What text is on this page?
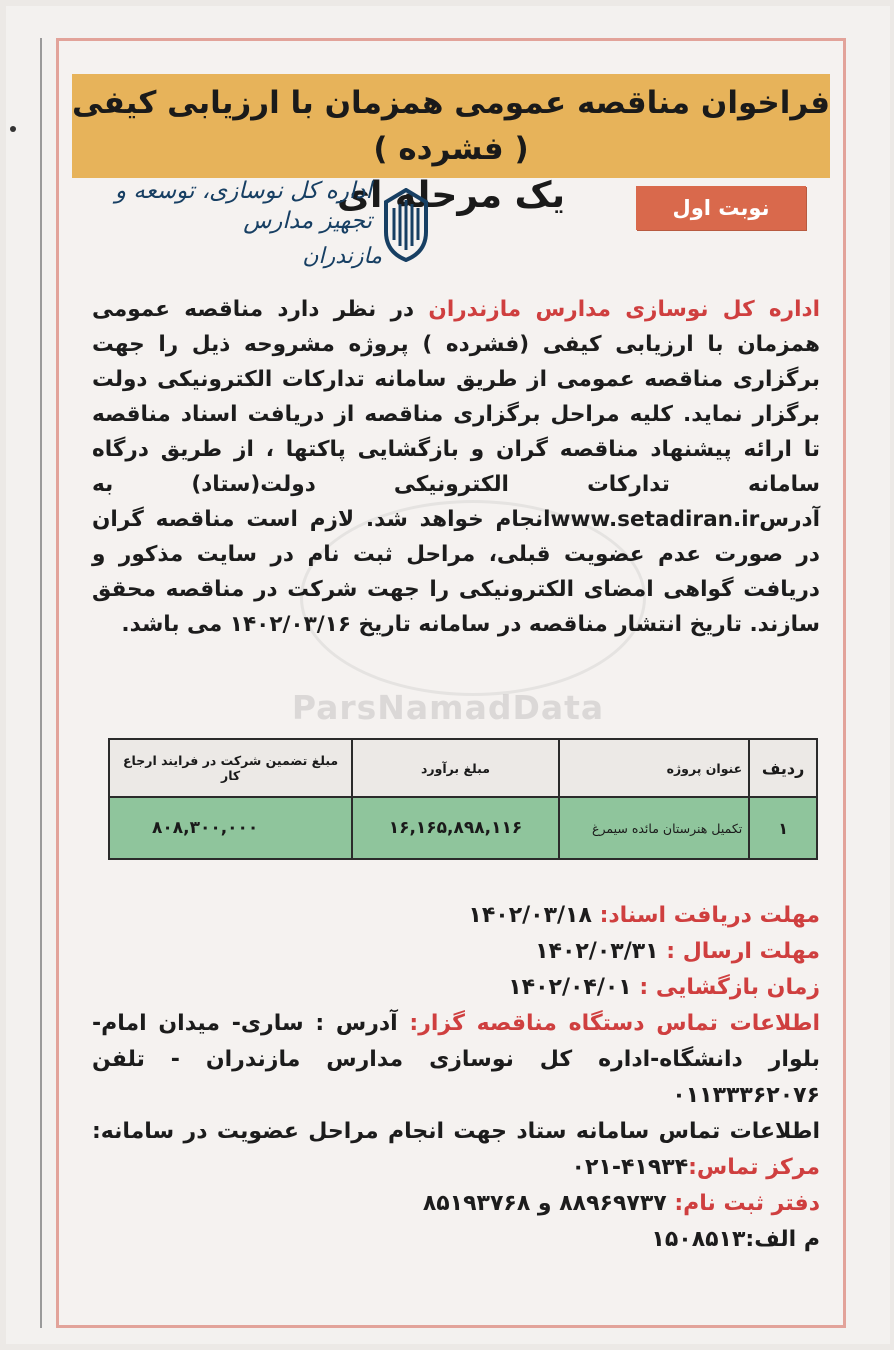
فراخوان مناقصه عمومی همزمان با ارزیابی کیفی ( فشرده )
یک مرحله ای	نوبت اول
اداره کل نوسازی، توسعه و تجهیز مدارس
مازندران
اداره کل نوسازی مدارس مازندران در نظر دارد مناقصه عمومی همزمان با ارزیابی کیفی (فشرده ) پروژه مشروحه ذیل را جهت برگزاری مناقصه عمومی از طریق سامانه تدارکات الکترونیکی دولت برگزار نماید. کلیه مراحل برگزاری مناقصه از دریافت اسناد مناقصه تا ارائه پیشنهاد مناقصه گران و بازگشایی پاکتها ، از طریق درگاه سامانه تدارکات الکترونیکی دولت(ستاد) به آدرسwww.setadiran.irانجام خواهد شد. لازم است مناقصه گران در صورت عدم عضویت قبلی، مراحل ثبت نام در سایت مذکور و دریافت گواهی امضای الکترونیکی را جهت شرکت در مناقصه محقق سازند. تاریخ انتشار مناقصه در سامانه تاریخ ۱۴۰۲/۰۳/۱۶ می باشد.
ParsNamadData
ردیف	عنوان پروژه	مبلغ برآورد	مبلغ تضمین شرکت در فرایند ارجاع کار
۱	تکمیل هنرستان مائده سیمرغ	۱۶,۱۶۵,۸۹۸,۱۱۶	۸۰۸,۳۰۰,۰۰۰

مهلت دریافت اسناد: ۱۴۰۲/۰۳/۱۸

مهلت ارسال : ۱۴۰۲/۰۳/۳۱

زمان بازگشایی : ۱۴۰۲/۰۴/۰۱

اطلاعات تماس دستگاه مناقصه گزار: آدرس : ساری- میدان امام-بلوار دانشگاه-اداره کل نوسازی مدارس مازندران - تلفن ۰۱۱۳۳۳۶۲۰۷۶

اطلاعات تماس سامانه ستاد جهت انجام مراحل عضویت در سامانه: مرکز تماس:۴۱۹۳۴-۰۲۱

دفتر ثبت نام: ۸۸۹۶۹۷۳۷ و ۸۵۱۹۳۷۶۸

م الف:۱۵۰۸۵۱۳
